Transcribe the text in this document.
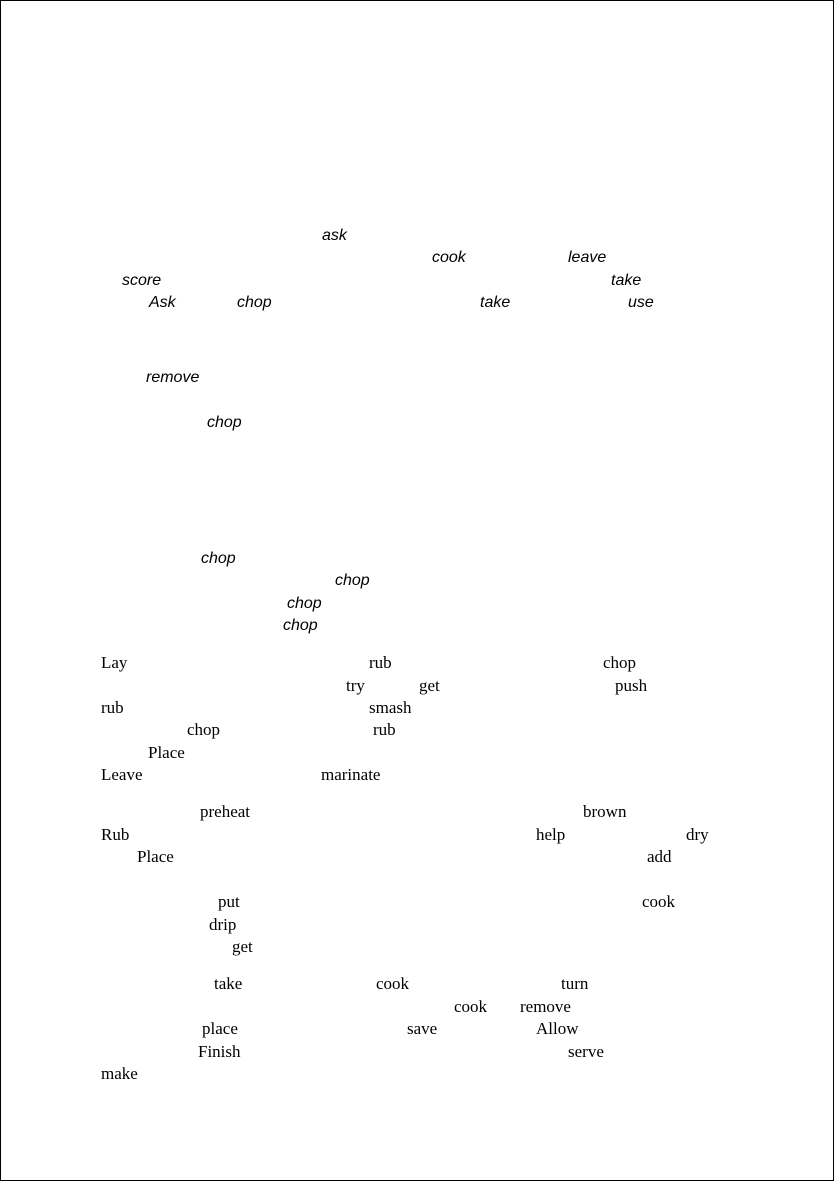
ask
cook	leave
score	take
Ask	chop	take	use
remove
chop
chop
chop
chop
chop
Lay	rub	chop
try	get	push
rub	smash
chop	rub
Place
Leave	marinate
preheat	brown
Rub	help	dry
Place	add
put	cook
drip
get
take	cook	turn
cook remove
place	save	Allow
Finish	serve
make
